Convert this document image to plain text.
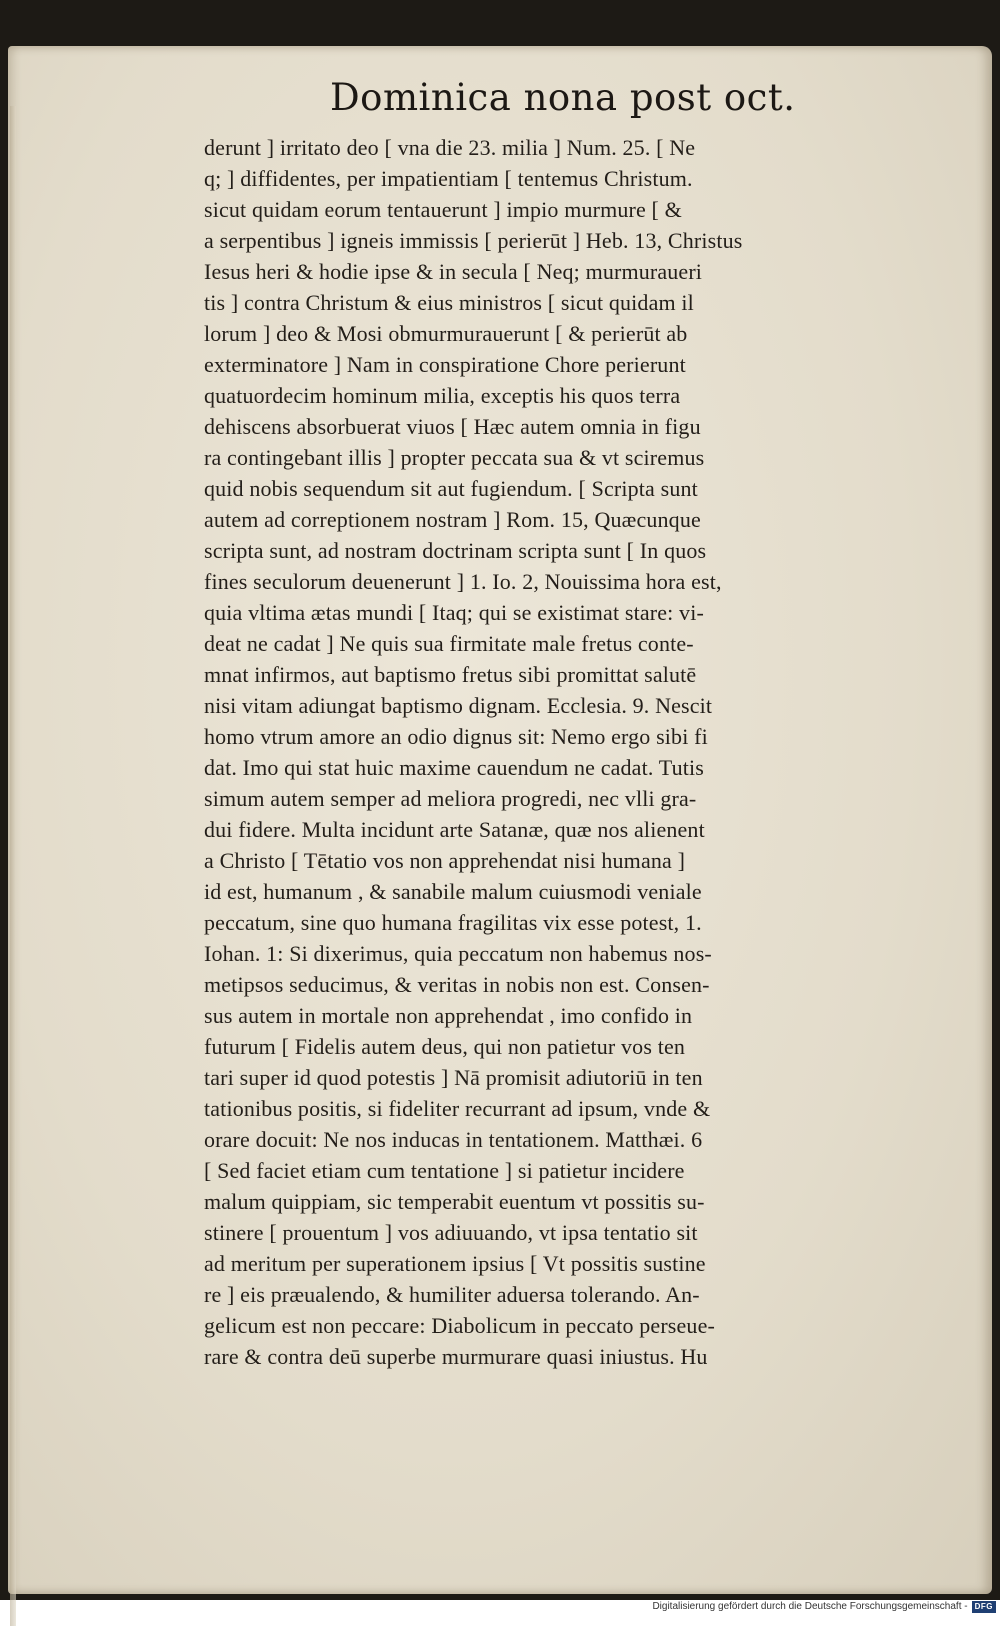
Dominica nona post oct.
derunt ] irritato deo [ vna die 23. milia ] Num. 25. [ Ne
q; ] diffidentes, per impatientiam [ tentemus Christum.
sicut quidam eorum tentauerunt ] impio murmure [ &
a serpentibus ] igneis immissis [ perierūt ] Heb. 13, Christus
Iesus heri & hodie ipse & in secula [ Neq; murmuraueri
tis ] contra Christum & eius ministros [ sicut quidam il
lorum ] deo & Mosi obmurmurauerunt [ & perierūt ab
exterminatore ] Nam in conspiratione Chore perierunt
quatuordecim hominum milia, exceptis his quos terra
dehiscens absorbuerat viuos [ Hæc autem omnia in figu
ra contingebant illis ] propter peccata sua & vt sciremus
quid nobis sequendum sit aut fugiendum. [ Scripta sunt
autem ad correptionem nostram ] Rom. 15, Quæcunque
scripta sunt, ad nostram doctrinam scripta sunt [ In quos
fines seculorum deuenerunt ] 1. Io. 2, Nouissima hora est,
quia vltima ætas mundi [ Itaq; qui se existimat stare: vi-
deat ne cadat ] Ne quis sua firmitate male fretus conte-
mnat infirmos, aut baptismo fretus sibi promittat salutē
nisi vitam adiungat baptismo dignam. Ecclesia. 9. Nescit
homo vtrum amore an odio dignus sit: Nemo ergo sibi fi
dat. Imo qui stat huic maxime cauendum ne cadat. Tutis
simum autem semper ad meliora progredi, nec vlli gra-
dui fidere. Multa incidunt arte Satanæ, quæ nos alienent
a Christo [ Tētatio vos non apprehendat nisi humana ]
id est, humanum , & sanabile malum cuiusmodi veniale
peccatum, sine quo humana fragilitas vix esse potest, 1.
Iohan. 1: Si dixerimus, quia peccatum non habemus nos-
metipsos seducimus, & veritas in nobis non est. Consen-
sus autem in mortale non apprehendat , imo confido in
futurum [ Fidelis autem deus, qui non patietur vos ten
tari super id quod potestis ] Nā promisit adiutoriū in ten
tationibus positis, si fideliter recurrant ad ipsum, vnde &
orare docuit: Ne nos inducas in tentationem. Matthæi. 6
[ Sed faciet etiam cum tentatione ] si patietur incidere
malum quippiam, sic temperabit euentum vt possitis su-
stinere [ prouentum ] vos adiuuando, vt ipsa tentatio sit
ad meritum per superationem ipsius [ Vt possitis sustine
re ] eis præualendo, & humiliter aduersa tolerando. An-
gelicum est non peccare: Diabolicum in peccato perseue-
rare & contra deū superbe murmurare quasi iniustus. Hu
Digitalisierung gefördert durch die Deutsche Forschungsgemeinschaft - DFG
